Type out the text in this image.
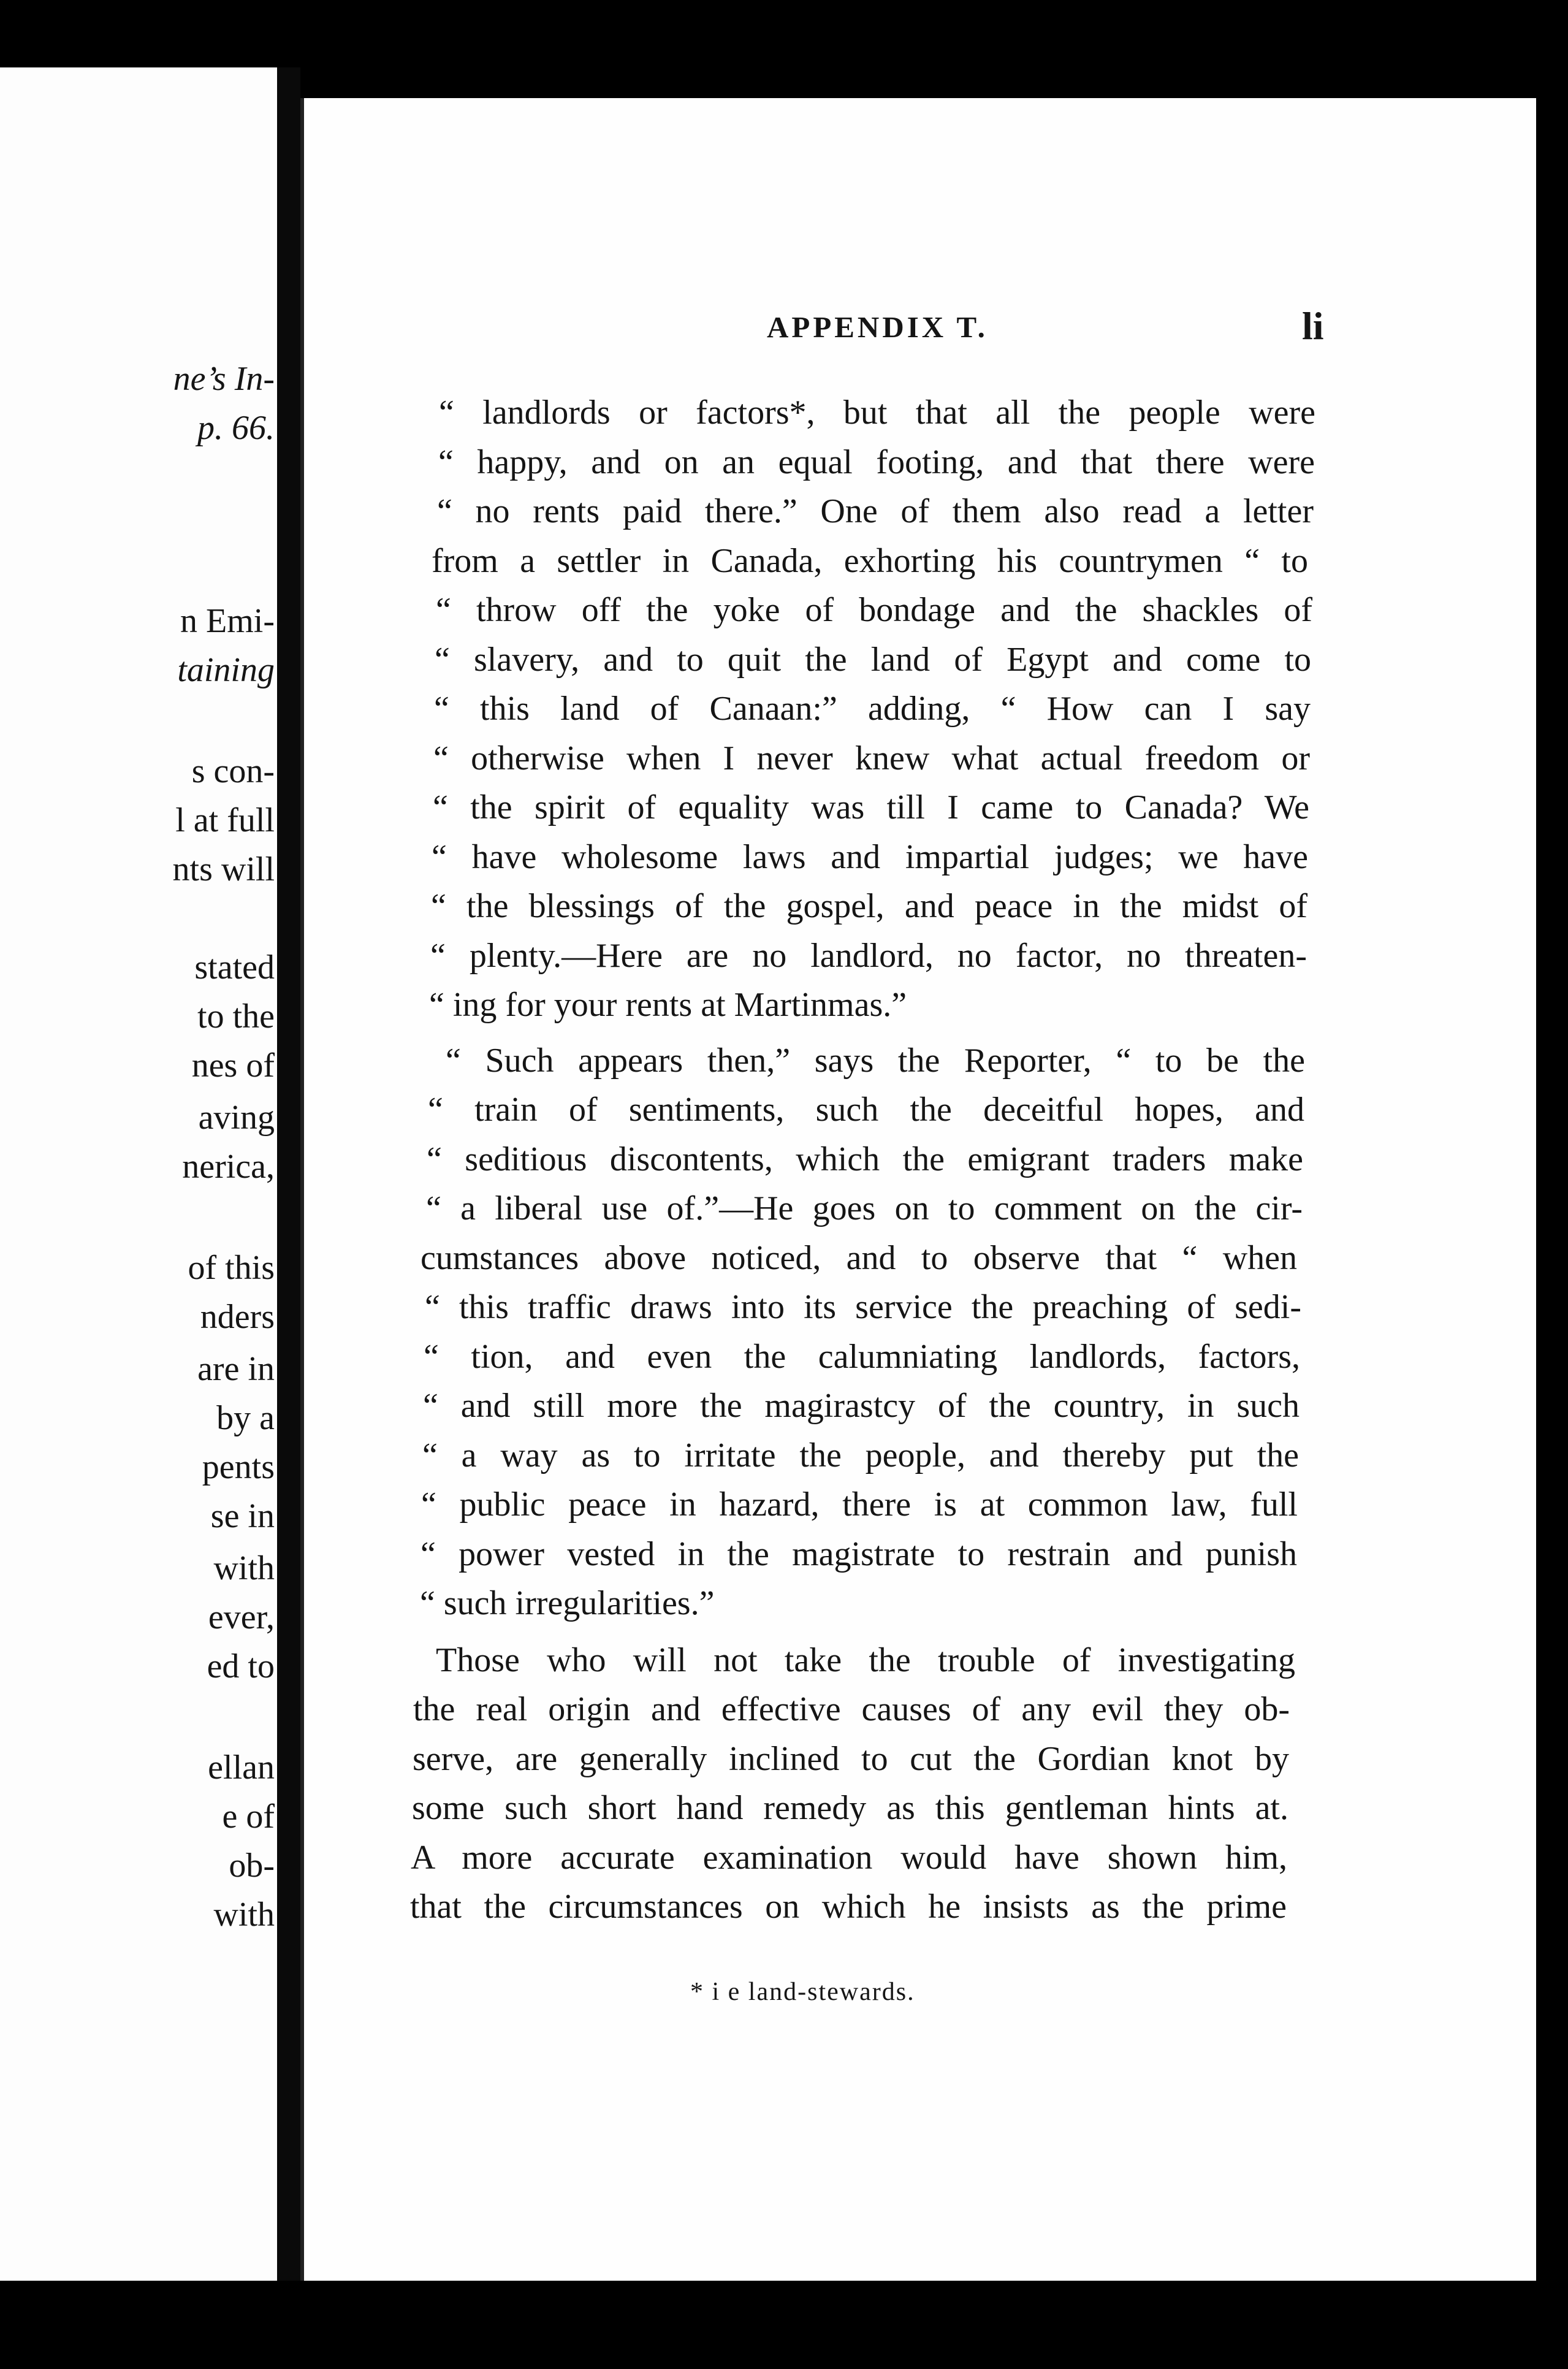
ne’s In-
p. 66.
n Emi-
taining
s con-
l at full
nts will
stated
to the
nes of
aving
nerica,
of this
nders
are in
by a
pents
se in
with
ever,
ed to
ellan
e of
ob-
with
APPENDIX T.	li
“ landlords or factors*, but that all the people were
“ happy, and on an equal footing, and that there were
“ no rents paid there.” One of them also read a letter
from a settler in Canada, exhorting his countrymen “ to
“ throw off the yoke of bondage and the shackles of
“ slavery, and to quit the land of Egypt and come to
“ this land of Canaan:” adding, “ How can I say
“ otherwise when I never knew what actual freedom or
“ the spirit of equality was till I came to Canada? We
“ have wholesome laws and impartial judges; we have
“ the blessings of the gospel, and peace in the midst of
“ plenty.—Here are no landlord, no factor, no threaten-
“ ing for your rents at Martinmas.”
“ Such appears then,” says the Reporter, “ to be the
“ train of sentiments, such the deceitful hopes, and
“ seditious discontents, which the emigrant traders make
“ a liberal use of.”—He goes on to comment on the cir-
cumstances above noticed, and to observe that “ when
“ this traffic draws into its service the preaching of sedi-
“ tion, and even the calumniating landlords, factors,
“ and still more the magirastcy of the country, in such
“ a way as to irritate the people, and thereby put the
“ public peace in hazard, there is at common law, full
“ power vested in the magistrate to restrain and punish
“ such irregularities.”
Those who will not take the trouble of investigating
the real origin and effective causes of any evil they ob-
serve, are generally inclined to cut the Gordian knot by
some such short hand remedy as this gentleman hints at.
A more accurate examination would have shown him,
that the circumstances on which he insists as the prime
* i e land-stewards.
